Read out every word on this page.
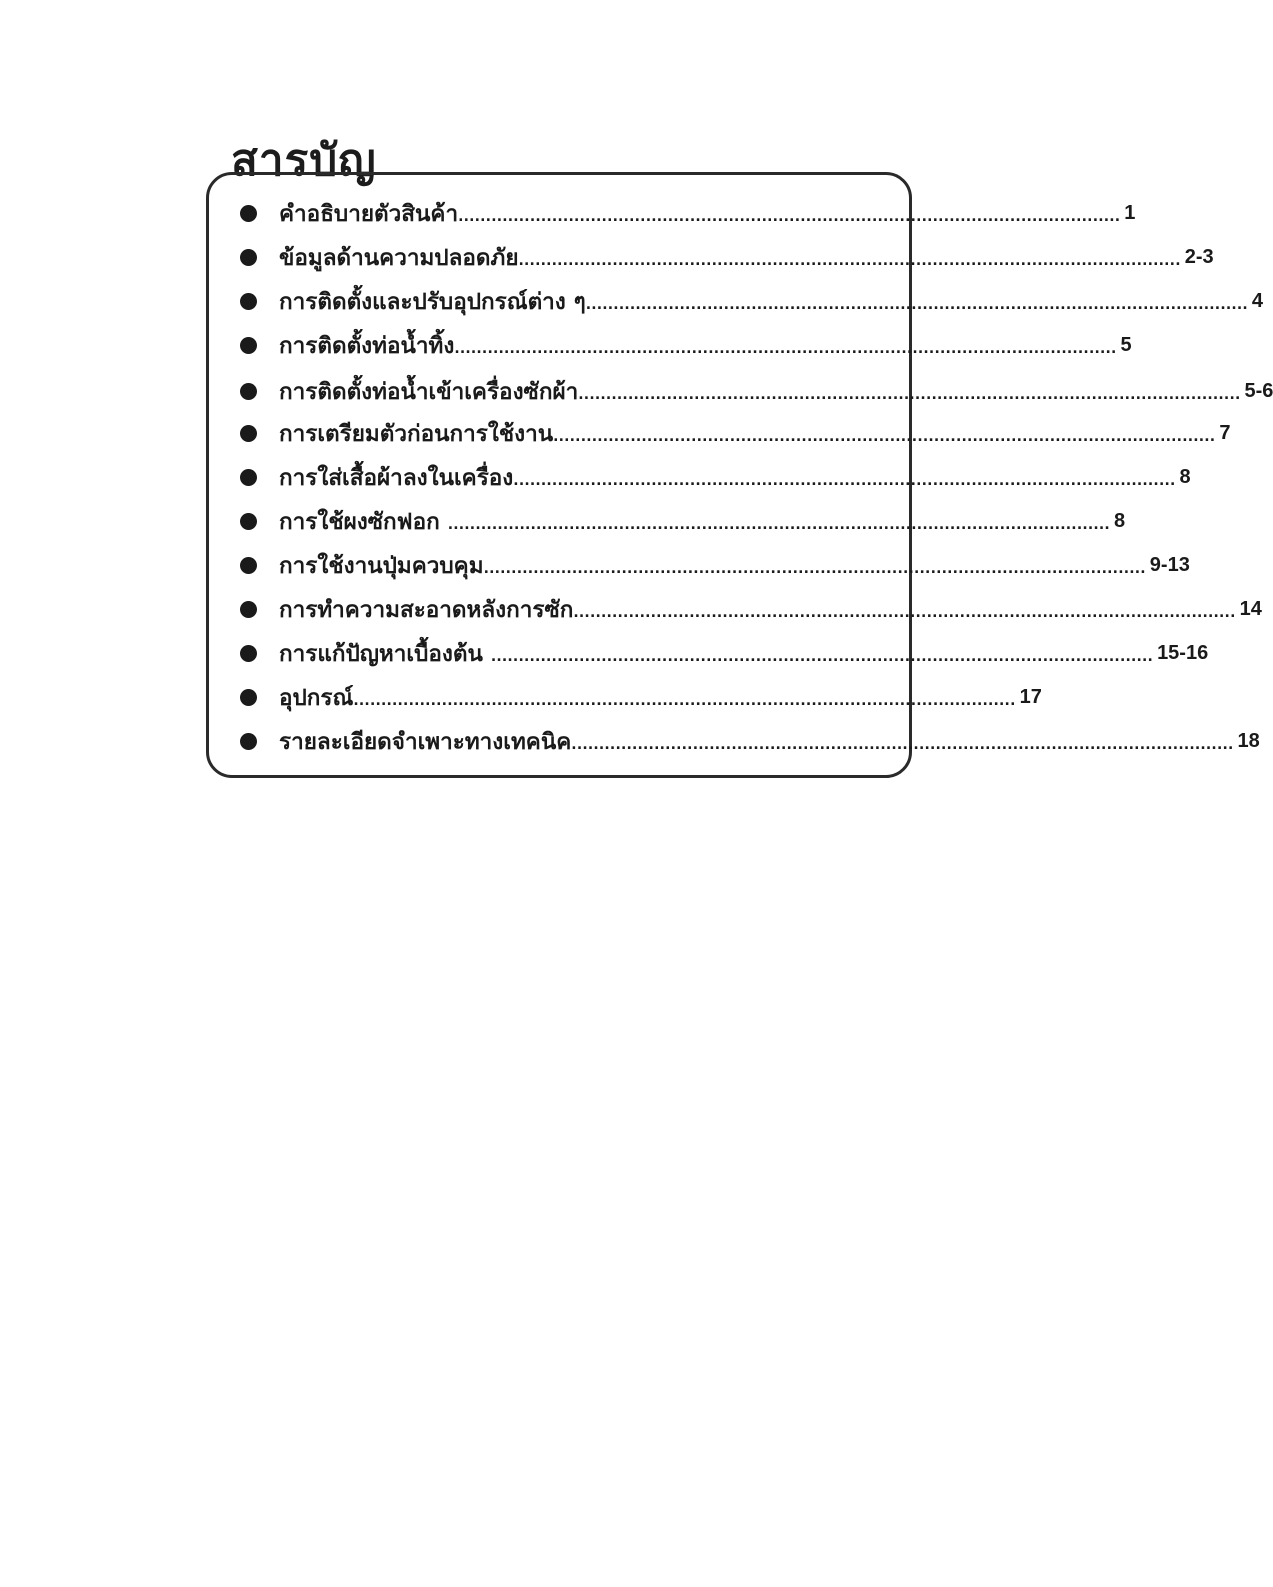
สารบัญ
คำอธิบายตัวสินค้า ........................................................................................................................ 1
ข้อมูลด้านความปลอดภัย ........................................................................................................................ 2-3
การติดตั้งและปรับอุปกรณ์ต่าง ๆ ........................................................................................................................ 4
การติดตั้งท่อน้ำทิ้ง ........................................................................................................................ 5
การติดตั้งท่อน้ำเข้าเครื่องซักผ้า ........................................................................................................................ 5-6
การเตรียมตัวก่อนการใช้งาน ........................................................................................................................ 7
การใส่เสื้อผ้าลงในเครื่อง ........................................................................................................................ 8
การใช้ผงซักฟอก ........................................................................................................................ 8
การใช้งานปุ่มควบคุม ........................................................................................................................ 9-13
การทำความสะอาดหลังการซัก ........................................................................................................................ 14
การแก้ปัญหาเบื้องต้น ........................................................................................................................ 15-16
อุปกรณ์ ........................................................................................................................ 17
รายละเอียดจำเพาะทางเทคนิค ........................................................................................................................ 18
